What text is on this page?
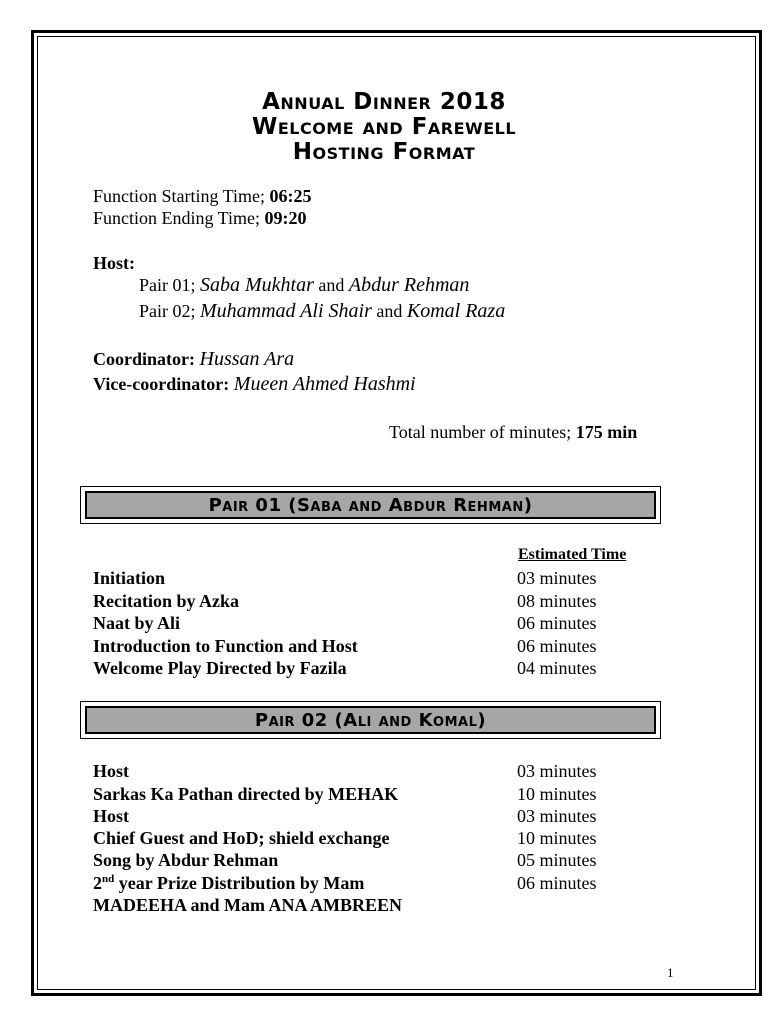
Annual Dinner 2018
Welcome and Farewell
Hosting Format
Function Starting Time; 06:25
Function Ending Time; 09:20
Host:
Pair 01; Saba Mukhtar and Abdur Rehman
Pair 02; Muhammad Ali Shair and Komal Raza
Coordinator: Hussan Ara
Vice-coordinator: Mueen Ahmed Hashmi
Total number of minutes; 175 min
Pair 01 (Saba and Abdur Rehman)
Estimated Time
Initiation	03 minutes
Recitation by Azka	08 minutes
Naat by Ali	06 minutes
Introduction to Function and Host	06 minutes
Welcome Play Directed by Fazila	04 minutes
Pair 02 (Ali and Komal)
Host	03 minutes
Sarkas Ka Pathan directed by MEHAK	10 minutes
Host	03 minutes
Chief Guest and HoD; shield exchange	10 minutes
Song by Abdur Rehman	05 minutes
2nd year Prize Distribution by Mam	06 minutes
MADEEHA and Mam ANA AMBREEN
1
